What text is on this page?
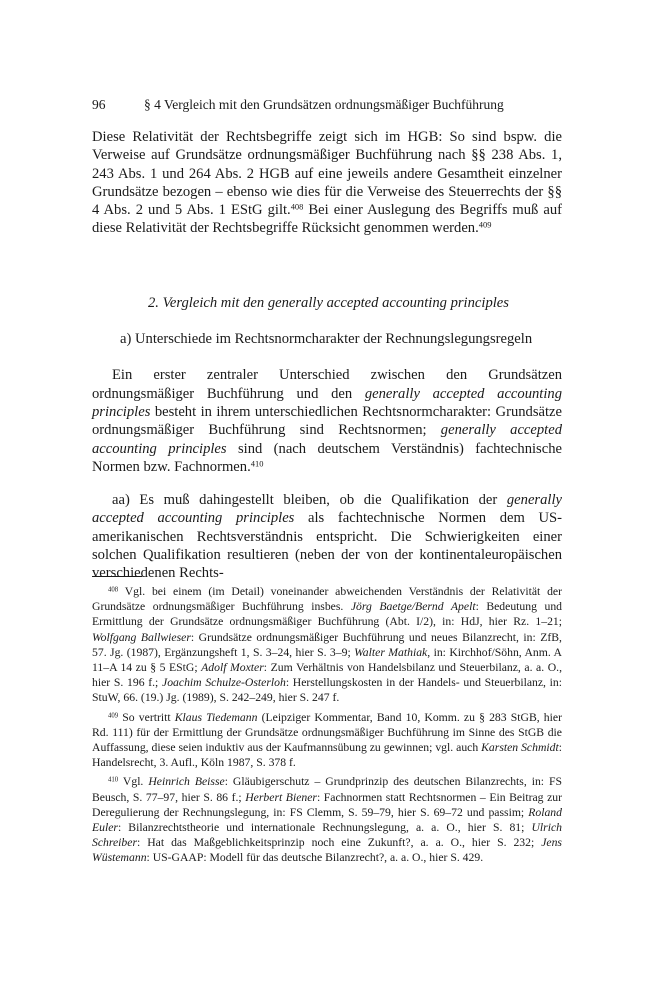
96	§ 4 Vergleich mit den Grundsätzen ordnungsmäßiger Buchführung

Diese Relativität der Rechtsbegriffe zeigt sich im HGB: So sind bspw. die Verweise auf Grundsätze ordnungsmäßiger Buchführung nach §§ 238 Abs. 1, 243 Abs. 1 und 264 Abs. 2 HGB auf eine jeweils andere Gesamtheit einzelner Grundsätze bezogen – ebenso wie dies für die Verweise des Steuerrechts der §§ 4 Abs. 2 und 5 Abs. 1 EStG gilt.$^{408}$ Bei einer Auslegung des Begriffs muß auf diese Relativität der Rechtsbegriffe Rücksicht genommen werden.$^{409}$

2. Vergleich mit den generally accepted accounting principles

a) Unterschiede im Rechtsnormcharakter der Rechnungslegungsregeln

Ein erster zentraler Unterschied zwischen den Grundsätzen ordnungsmäßiger Buchführung und den generally accepted accounting principles besteht in ihrem unterschiedlichen Rechtsnormcharakter: Grundsätze ordnungsmäßiger Buchführung sind Rechtsnormen; generally accepted accounting principles sind (nach deutschem Verständnis) fachtechnische Normen bzw. Fachnormen.$^{410}$

aa) Es muß dahingestellt bleiben, ob die Qualifikation der generally accepted accounting principles als fachtechnische Normen dem US-amerikanischen Rechtsverständnis entspricht. Die Schwierigkeiten einer solchen Qualifikation resultieren (neben der von der kontinentaleuropäischen verschiedenen Rechts-

$^{408}$ Vgl. bei einem (im Detail) voneinander abweichenden Verständnis der Relativität der Grundsätze ordnungsmäßiger Buchführung insbes. Jörg Baetge/Bernd Apelt: Bedeutung und Ermittlung der Grundsätze ordnungsmäßiger Buchführung (Abt. I/2), in: HdJ, hier Rz. 1–21; Wolfgang Ballwieser: Grundsätze ordnungsmäßiger Buchführung und neues Bilanzrecht, in: ZfB, 57. Jg. (1987), Ergänzungsheft 1, S. 3–24, hier S. 3–9; Walter Mathiak, in: Kirchhof/Söhn, Anm. A 11–A 14 zu § 5 EStG; Adolf Moxter: Zum Verhältnis von Handelsbilanz und Steuerbilanz, a. a. O., hier S. 196 f.; Joachim Schulze-Osterloh: Herstellungskosten in der Handels- und Steuerbilanz, in: StuW, 66. (19.) Jg. (1989), S. 242–249, hier S. 247 f.

$^{409}$ So vertritt Klaus Tiedemann (Leipziger Kommentar, Band 10, Komm. zu § 283 StGB, hier Rd. 111) für der Ermittlung der Grundsätze ordnungsmäßiger Buchführung im Sinne des StGB die Auffassung, diese seien induktiv aus der Kaufmannsübung zu gewinnen; vgl. auch Karsten Schmidt: Handelsrecht, 3. Aufl., Köln 1987, S. 378 f.

$^{410}$ Vgl. Heinrich Beisse: Gläubigerschutz – Grundprinzip des deutschen Bilanzrechts, in: FS Beusch, S. 77–97, hier S. 86 f.; Herbert Biener: Fachnormen statt Rechtsnormen – Ein Beitrag zur Deregulierung der Rechnungslegung, in: FS Clemm, S. 59–79, hier S. 69–72 und passim; Roland Euler: Bilanzrechtstheorie und internationale Rechnungslegung, a. a. O., hier S. 81; Ulrich Schreiber: Hat das Maßgeblichkeitsprinzip noch eine Zukunft?, a. a. O., hier S. 232; Jens Wüstemann: US-GAAP: Modell für das deutsche Bilanzrecht?, a. a. O., hier S. 429.
